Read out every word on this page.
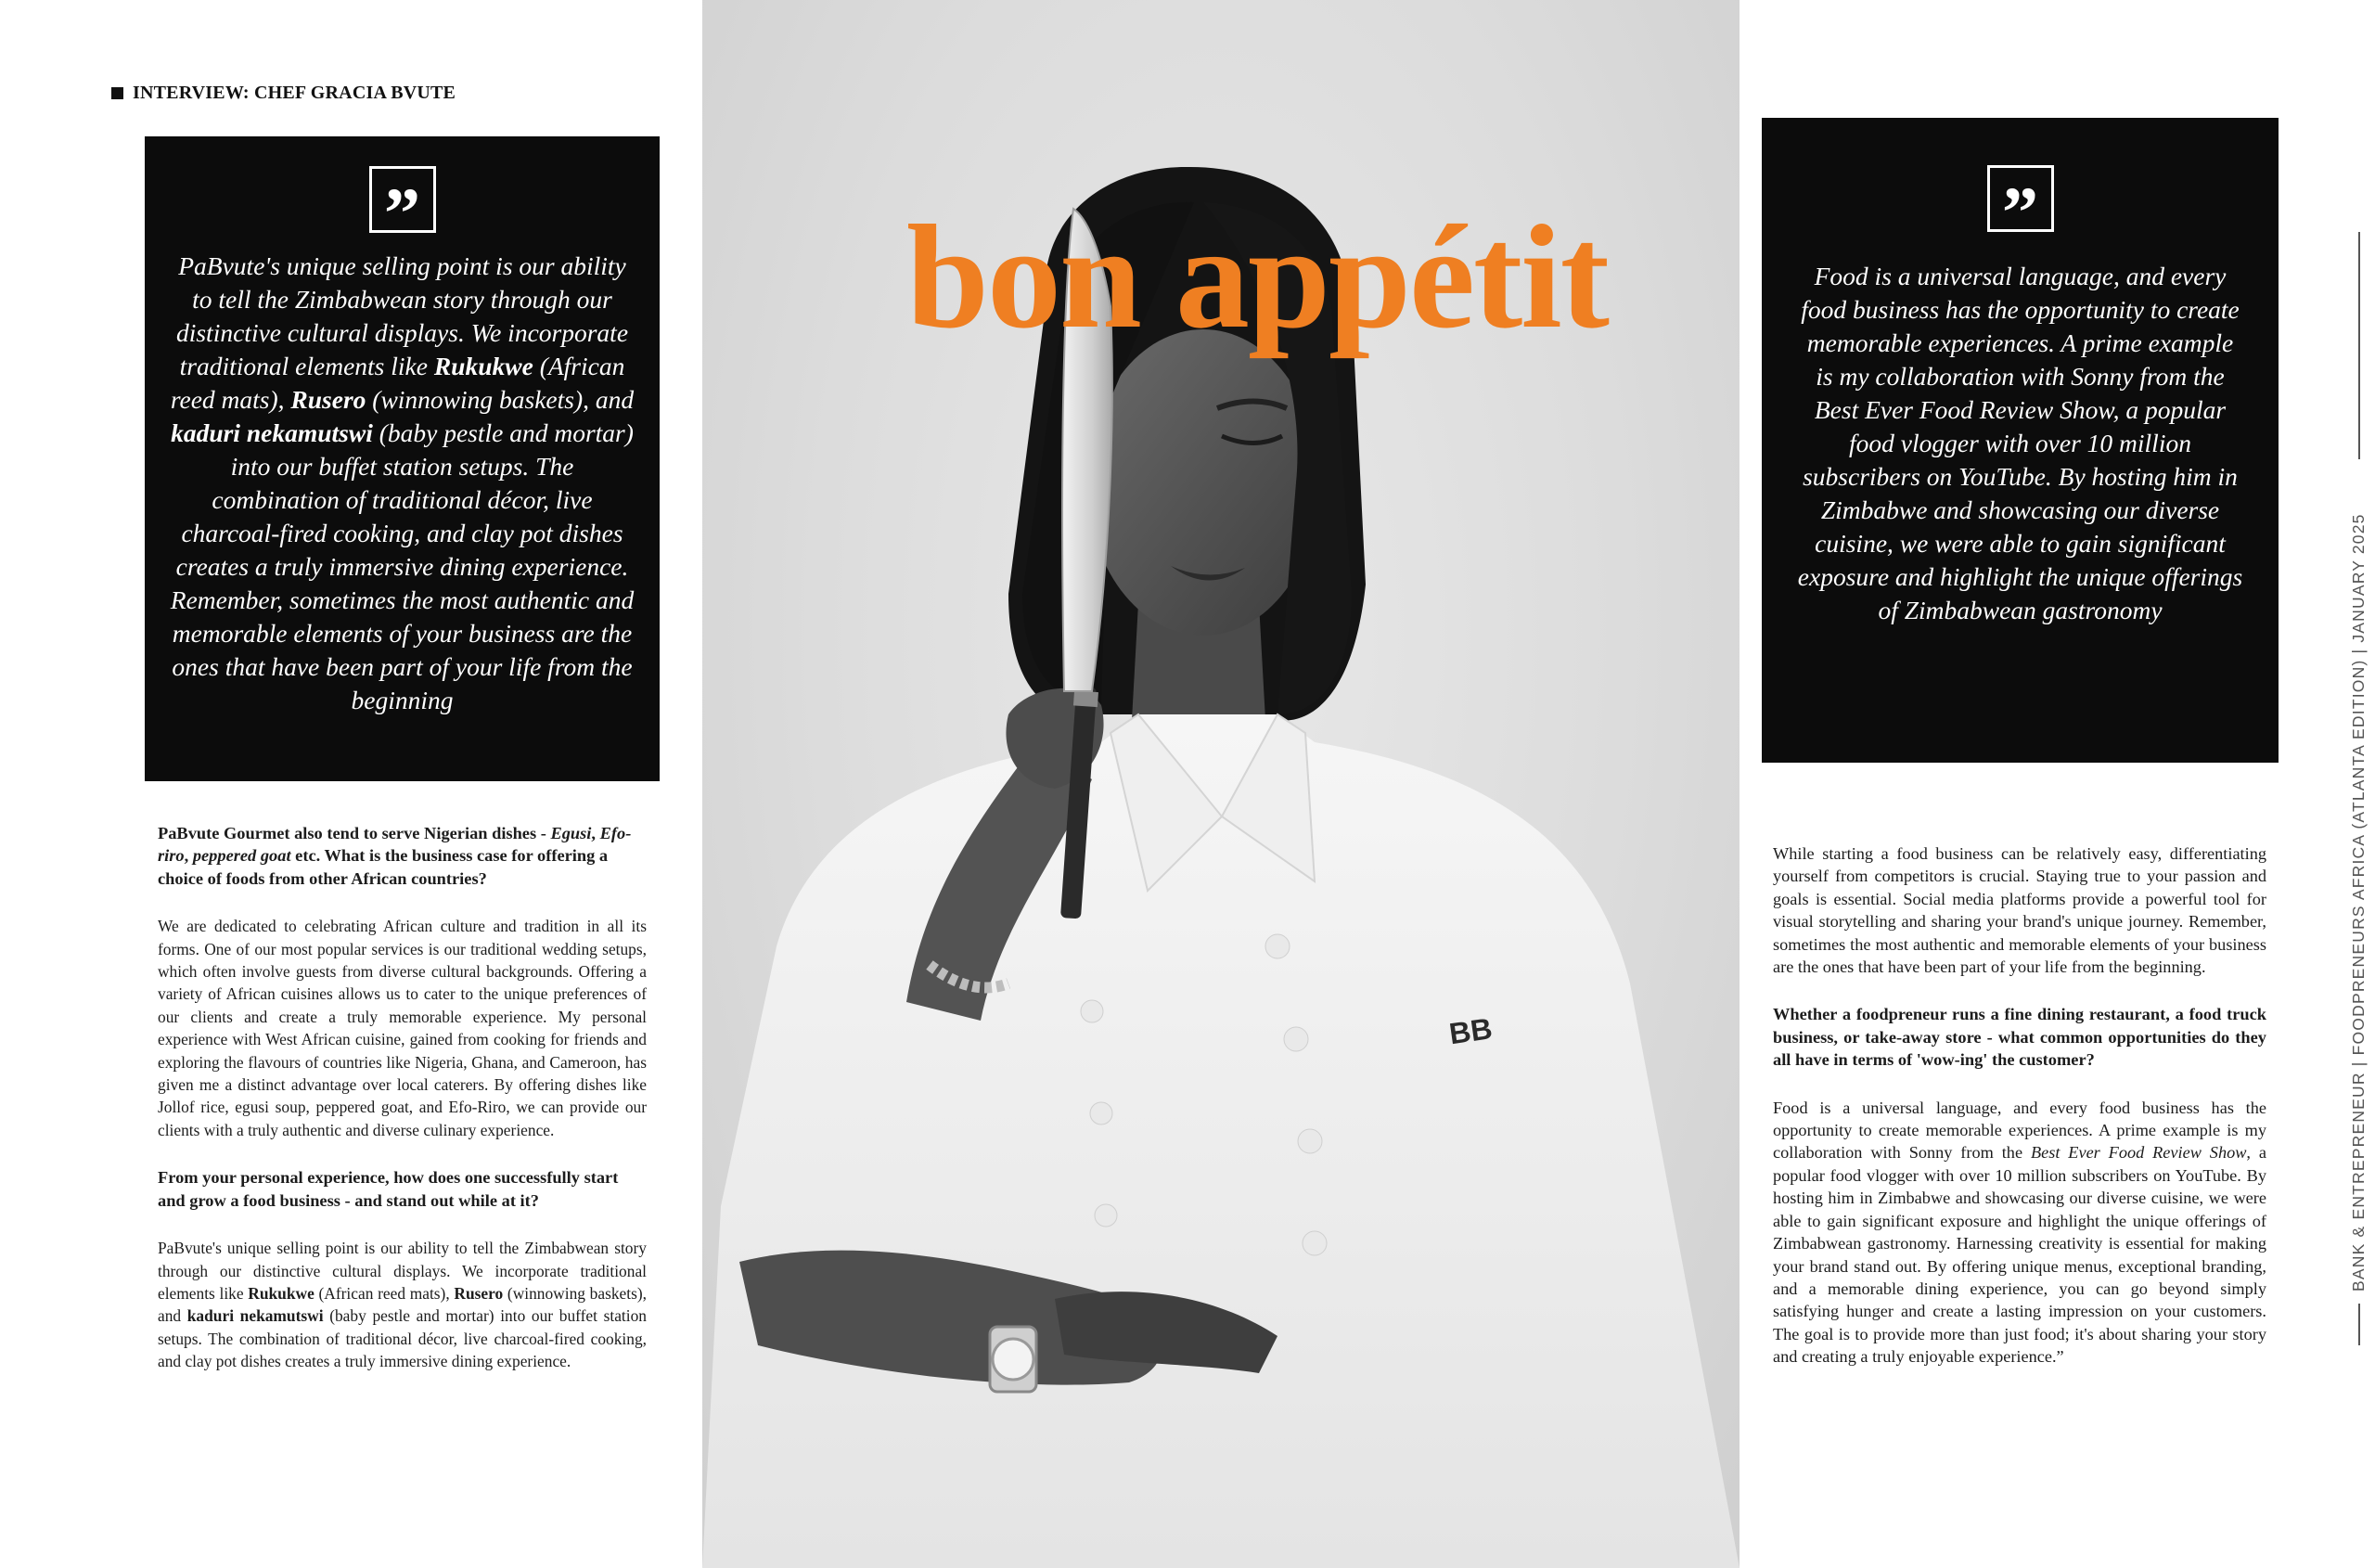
INTERVIEW: CHEF GRACIA BVUTE
”
PaBvute's unique selling point is our ability to tell the Zimbabwean story through our distinctive cultural displays. We incorporate traditional elements like Rukukwe (African reed mats), Rusero (winnowing baskets), and kaduri nekamutswi (baby pestle and mortar) into our buffet station setups. The combination of traditional décor, live charcoal-fired cooking, and clay pot dishes creates a truly immersive dining experience. Remember, sometimes the most authentic and memorable elements of your business are the ones that have been part of your life from the beginning

PaBvute Gourmet also tend to serve Nigerian dishes - Egusi, Efo-riro, peppered goat etc. What is the business case for offering a choice of foods from other African countries?

We are dedicated to celebrating African culture and tradition in all its forms. One of our most popular services is our traditional wedding setups, which often involve guests from diverse cultural backgrounds. Offering a variety of African cuisines allows us to cater to the unique preferences of our clients and create a truly memorable experience. My personal experience with West African cuisine, gained from cooking for friends and exploring the flavours of countries like Nigeria, Ghana, and Cameroon, has given me a distinct advantage over local caterers. By offering dishes like Jollof rice, egusi soup, peppered goat, and Efo-Riro, we can provide our clients with a truly authentic and diverse culinary experience.

From your personal experience, how does one successfully start and grow a food business - and stand out while at it?

PaBvute's unique selling point is our ability to tell the Zimbabwean story through our distinctive cultural displays. We incorporate traditional elements like Rukukwe (African reed mats), Rusero (winnowing baskets), and kaduri nekamutswi (baby pestle and mortar) into our buffet station setups. The combination of traditional décor, live charcoal-fired cooking, and clay pot dishes creates a truly immersive dining experience.

BB
bon appétit	”
Food is a universal language, and every food business has the opportunity to create memorable experiences. A prime example is my collaboration with Sonny from the Best Ever Food Review Show, a popular food vlogger with over 10 million subscribers on YouTube. By hosting him in Zimbabwe and showcasing our diverse cuisine, we were able to gain significant exposure and highlight the unique offerings of Zimbabwean gastronomy

While starting a food business can be relatively easy, differentiating yourself from competitors is crucial. Staying true to your passion and goals is essential. Social media platforms provide a powerful tool for visual storytelling and sharing your brand's unique journey. Remember, sometimes the most authentic and memorable elements of your business are the ones that have been part of your life from the beginning.

Whether a foodpreneur runs a fine dining restaurant, a food truck business, or take-away store - what common opportunities do they all have in terms of 'wow-ing' the customer?

Food is a universal language, and every food business has the opportunity to create memorable experiences. A prime example is my collaboration with Sonny from the Best Ever Food Review Show, a popular food vlogger with over 10 million subscribers on YouTube. By hosting him in Zimbabwe and showcasing our diverse cuisine, we were able to gain significant exposure and highlight the unique offerings of Zimbabwean gastronomy. Harnessing creativity is essential for making your brand stand out. By offering unique menus, exceptional branding, and a memorable dining experience, you can go beyond simply satisfying hunger and create a lasting impression on your customers. The goal is to provide more than just food; it's about sharing your story and creating a truly enjoyable experience.”

BANK & ENTREPRENEUR | FOODPRENEURS AFRICA (ATLANTA EDITION) | JANUARY 2025
